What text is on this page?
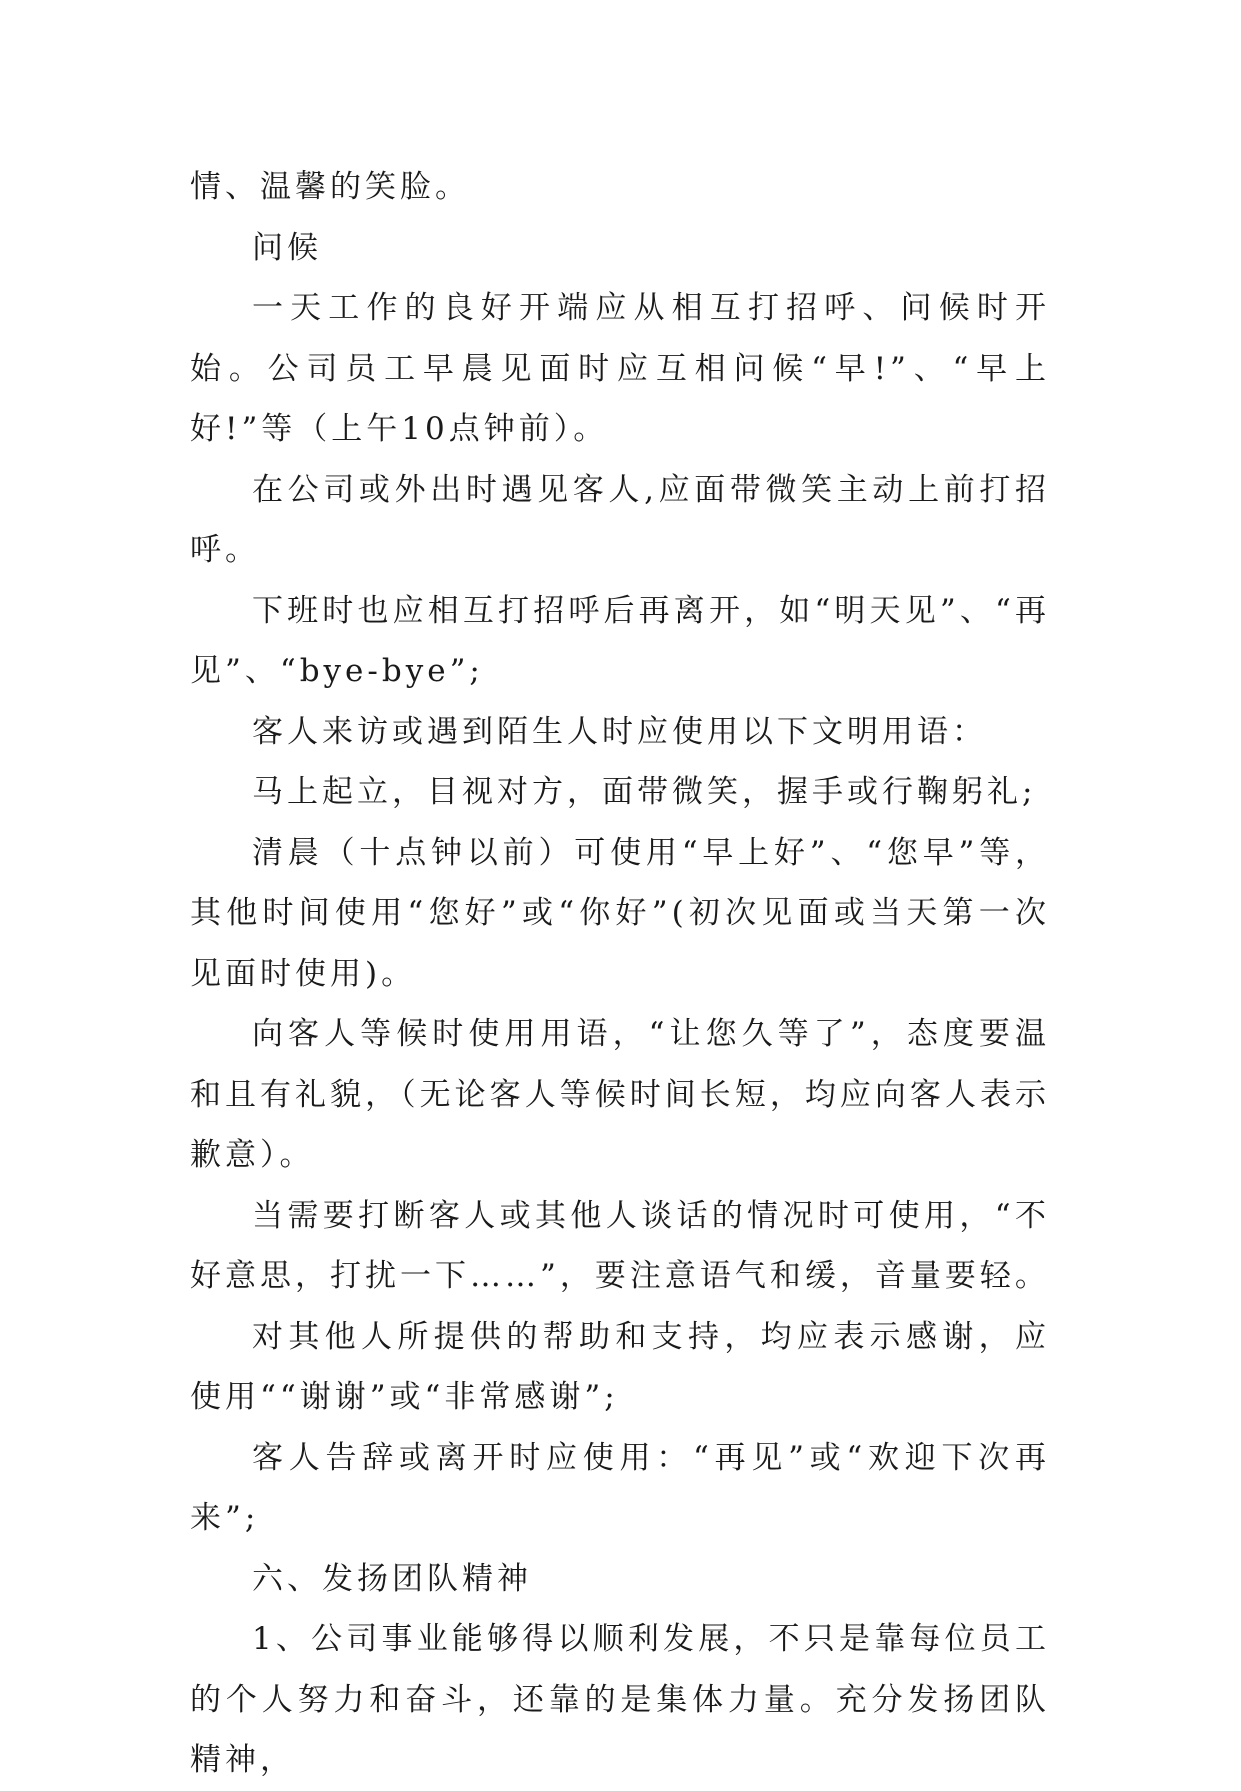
情、温馨的笑脸。

问候

一天工作的良好开端应从相互打招呼、问候时开始。公司员工早晨见面时应互相问候“早!”、“早上好!”等（上午10点钟前）。

在公司或外出时遇见客人,应面带微笑主动上前打招呼。

下班时也应相互打招呼后再离开，如“明天见”、“再见”、“bye-bye”;

客人来访或遇到陌生人时应使用以下文明用语：

马上起立，目视对方，面带微笑，握手或行鞠躬礼;

清晨（十点钟以前）可使用“早上好”、“您早”等，其他时间使用“您好”或“你好”(初次见面或当天第一次见面时使用)。

向客人等候时使用用语，“让您久等了”，态度要温和且有礼貌，（无论客人等候时间长短，均应向客人表示歉意）。

当需要打断客人或其他人谈话的情况时可使用，“不好意思，打扰一下……”，要注意语气和缓，音量要轻。

对其他人所提供的帮助和支持，均应表示感谢，应使用““谢谢”或“非常感谢”;

客人告辞或离开时应使用：“再见”或“欢迎下次再来”;

六、发扬团队精神

1、公司事业能够得以顺利发展，不只是靠每位员工的个人努力和奋斗，还靠的是集体力量。充分发扬团队精神，
